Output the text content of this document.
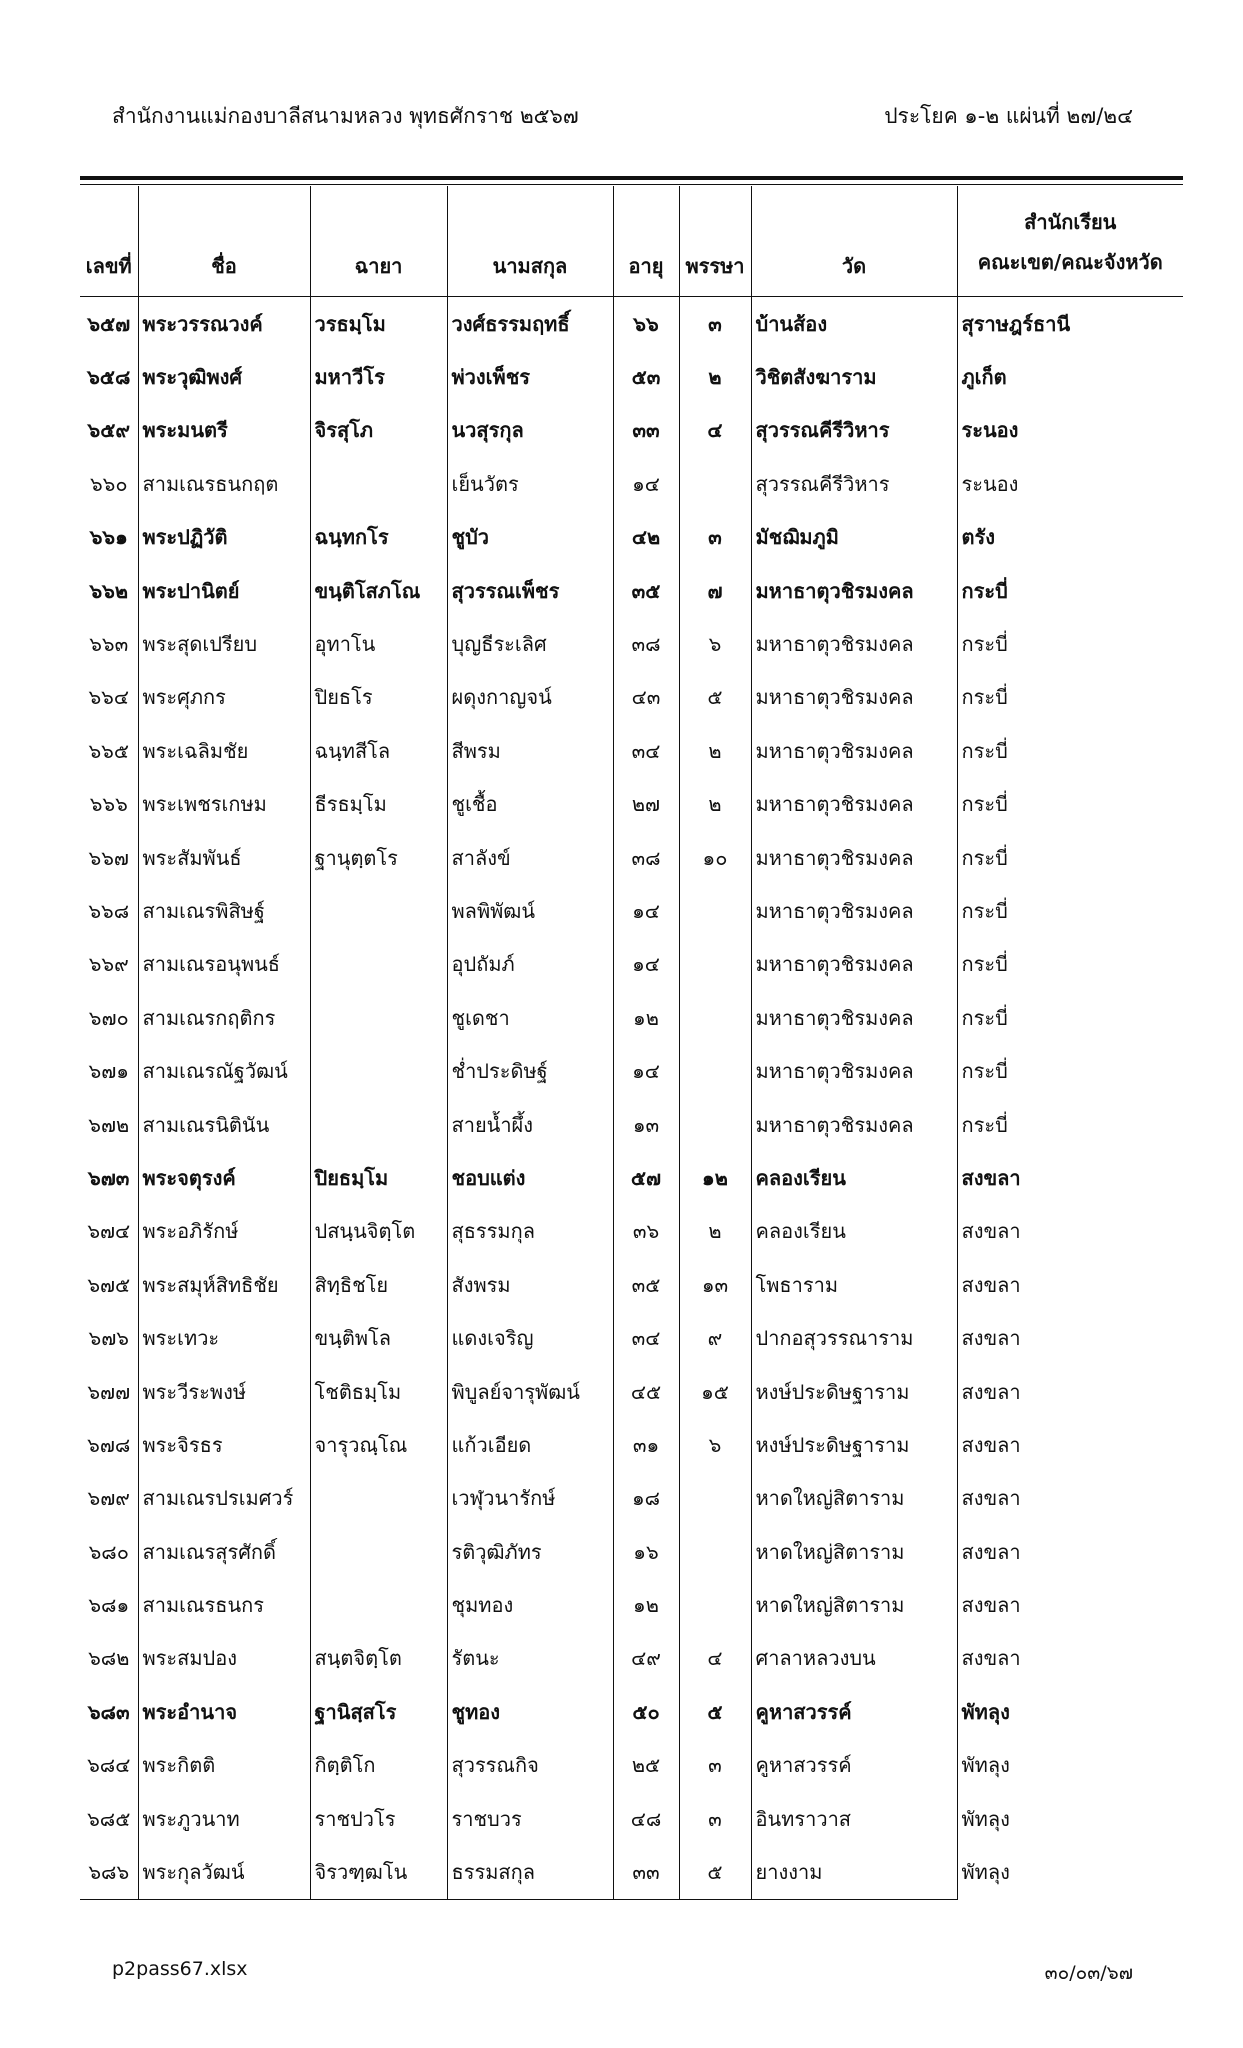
สำนักงานแม่กองบาลีสนามหลวง พุทธศักราช ๒๕๖๗	ประโยค ๑-๒ แผ่นที่ ๒๗/๒๔
เลขที่	ชื่อ	ฉายา	นามสกุล	อายุ	พรรษา	วัด	สำนักเรียน
คณะเขต/คณะจังหวัด

๖๕๗	พระวรรณวงค์	วรธมฺโม	วงศ์ธรรมฤทธิ์	๖๖	๓	บ้านส้อง	สุราษฎร์ธานี
๖๕๘	พระวุฒิพงศ์	มหาวีโร	พ่วงเพ็ชร	๕๓	๒	วิชิตสังฆาราม	ภูเก็ต
๖๕๙	พระมนตรี	จิรสุโภ	นวสุรกุล	๓๓	๔	สุวรรณคีรีวิหาร	ระนอง
๖๖๐	สามเณรธนกฤต		เย็นวัตร	๑๔		สุวรรณคีรีวิหาร	ระนอง
๖๖๑	พระปฏิวัติ	ฉนฺทกโร	ชูบัว	๔๒	๓	มัชฌิมภูมิ	ตรัง
๖๖๒	พระปานิตย์	ขนฺติโสภโณ	สุวรรณเพ็ชร	๓๕	๗	มหาธาตุวชิรมงคล	กระบี่
๖๖๓	พระสุดเปรียบ	อุทาโน	บุญธีระเลิศ	๓๘	๖	มหาธาตุวชิรมงคล	กระบี่
๖๖๔	พระศุภกร	ปิยธโร	ผดุงกาญจน์	๔๓	๕	มหาธาตุวชิรมงคล	กระบี่
๖๖๕	พระเฉลิมชัย	ฉนฺทสีโล	สีพรม	๓๔	๒	มหาธาตุวชิรมงคล	กระบี่
๖๖๖	พระเพชรเกษม	ธีรธมฺโม	ชูเชื้อ	๒๗	๒	มหาธาตุวชิรมงคล	กระบี่
๖๖๗	พระสัมพันธ์	ฐานุตฺตโร	สาลังข์	๓๘	๑๐	มหาธาตุวชิรมงคล	กระบี่
๖๖๘	สามเณรพิสิษฐ์		พลพิพัฒน์	๑๔		มหาธาตุวชิรมงคล	กระบี่
๖๖๙	สามเณรอนุพนธ์		อุปถัมภ์	๑๔		มหาธาตุวชิรมงคล	กระบี่
๖๗๐	สามเณรกฤติกร		ชูเดชา	๑๒		มหาธาตุวชิรมงคล	กระบี่
๖๗๑	สามเณรณัฐวัฒน์		ช่ำประดิษฐ์	๑๔		มหาธาตุวชิรมงคล	กระบี่
๖๗๒	สามเณรนิตินัน		สายน้ำผึ้ง	๑๓		มหาธาตุวชิรมงคล	กระบี่
๖๗๓	พระจตุรงค์	ปิยธมฺโม	ชอบแต่ง	๕๗	๑๒	คลองเรียน	สงขลา
๖๗๔	พระอภิรักษ์	ปสนฺนจิตฺโต	สุธรรมกุล	๓๖	๒	คลองเรียน	สงขลา
๖๗๕	พระสมุห์สิทธิชัย	สิทฺธิชโย	สังพรม	๓๕	๑๓	โพธาราม	สงขลา
๖๗๖	พระเทวะ	ขนฺติพโล	แดงเจริญ	๓๔	๙	ปากอสุวรรณาราม	สงขลา
๖๗๗	พระวีระพงษ์	โชติธมฺโม	พิบูลย์จารุพัฒน์	๔๕	๑๕	หงษ์ประดิษฐาราม	สงขลา
๖๗๘	พระจิรธร	จารุวณฺโณ	แก้วเอียด	๓๑	๖	หงษ์ประดิษฐาราม	สงขลา
๖๗๙	สามเณรปรเมศวร์		เวฬุวนารักษ์	๑๘		หาดใหญ่สิตาราม	สงขลา
๖๘๐	สามเณรสุรศักดิ์		รติวุฒิภัทร	๑๖		หาดใหญ่สิตาราม	สงขลา
๖๘๑	สามเณรธนกร		ชุมทอง	๑๒		หาดใหญ่สิตาราม	สงขลา
๖๘๒	พระสมปอง	สนฺตจิตฺโต	รัตนะ	๔๙	๔	ศาลาหลวงบน	สงขลา
๖๘๓	พระอำนาจ	ฐานิสฺสโร	ชูทอง	๕๐	๕	คูหาสวรรค์	พัทลุง
๖๘๔	พระกิตติ	กิตฺติโก	สุวรรณกิจ	๒๕	๓	คูหาสวรรค์	พัทลุง
๖๘๕	พระภูวนาท	ราชปวโร	ราชบวร	๔๘	๓	อินทราวาส	พัทลุง
๖๘๖	พระกุลวัฒน์	จิรวฑฺฒโน	ธรรมสกุล	๓๓	๕	ยางงาม	พัทลุง
p2pass67.xlsx	๓๐/๐๓/๖๗
